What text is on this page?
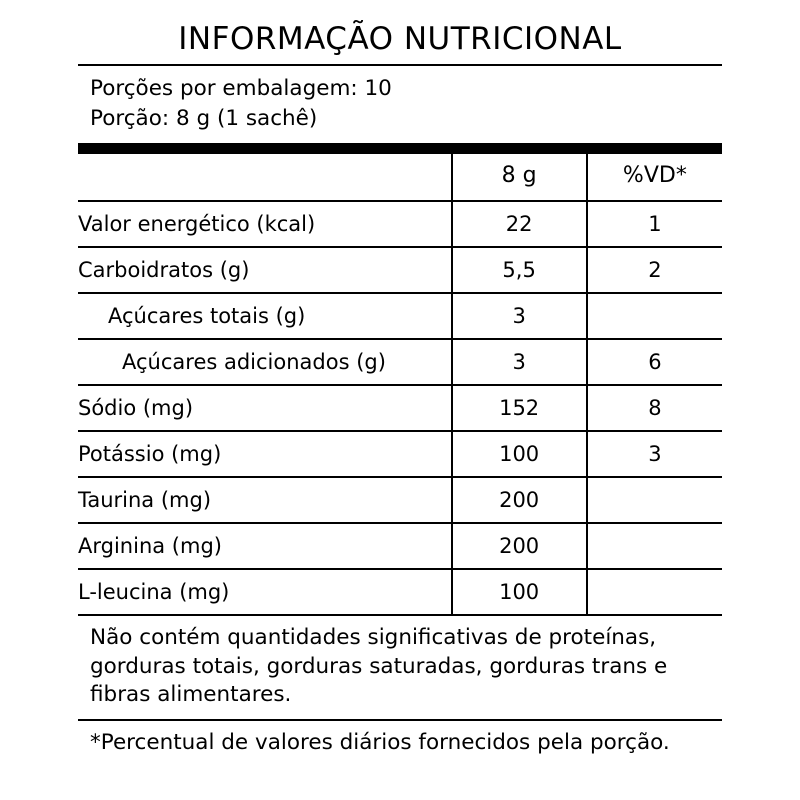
INFORMAÇÃO NUTRICIONAL
Porções por embalagem: 10
Porção: 8 g (1 sachê)
	8 g	%VD*
Valor energético (kcal)	22	1
Carboidratos (g)	5,5	2
Açúcares totais (g)	3	
Açúcares adicionados (g)	3	6
Sódio (mg)	152	8
Potássio (mg)	100	3
Taurina (mg)	200	
Arginina (mg)	200	
L-leucina (mg)	100	
Não contém quantidades significativas de proteínas, gorduras totais, gorduras saturadas, gorduras trans e fibras alimentares.
*Percentual de valores diários fornecidos pela porção.
